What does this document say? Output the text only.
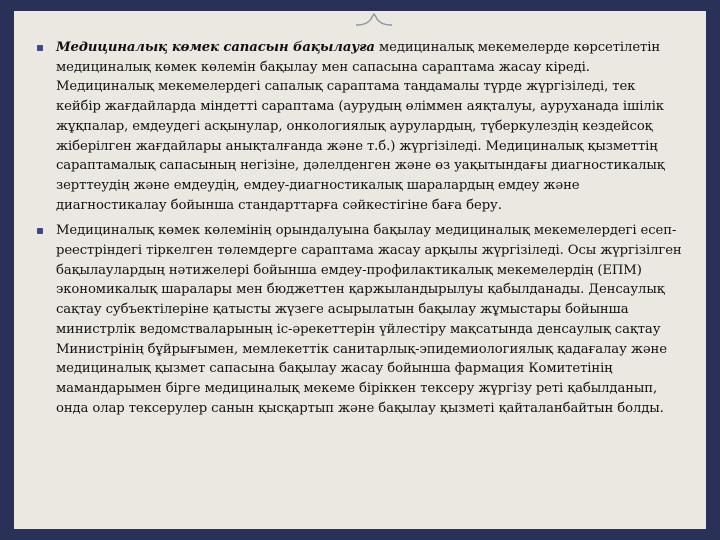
Медициналық көмек сапасын бақылауға медициналық мекемелерде көрсетілетін медициналық көмек көлемін бақылау мен сапасына сараптама жасау кіреді. Медициналық мекемелердегі сапалық сараптама таңдамалы түрде жүргізіледі, тек кейбір жағдайларда міндетті сараптама (аурудың өліммен аяқталуы, ауруханада ішілік жұқпалар, емдеудегі асқынулар, онкологиялық аурулардың, түберкулездің кездейсоқ жіберілген жағдайлары анықталғанда және т.б.) жүргізіледі. Медициналық қызметтің сараптамалық сапасының негізіне, дәлелденген және өз уақытындағы диагностикалық зерттеудің және емдеудің, емдеу-диагностикалық шаралардың емдеу және диагностикалау бойынша стандарттарға сәйкестігіне баға беру.
Медициналық көмек көлемінің орындалуына бақылау медициналық мекемелердегі есеп-реестріндегі тіркелген төлемдерге сараптама жасау арқылы жүргізіледі. Осы жүргізілген бақылаулардың нәтижелері бойынша емдеу-профилактикалық мекемелердің (ЕПМ) экономикалық шаралары мен бюджеттен қаржыландырылуы қабылданады. Денсаулық сақтау субъектілеріне қатысты жүзеге асырылатын бақылау жұмыстары бойынша министрлік ведомстваларының іс-әрекеттерін үйлестіру мақсатында денсаулық сақтау Министрінің бұйрығымен, мемлекеттік санитарлық-эпидемиологиялық қадағалау және медициналық қызмет сапасына бақылау жасау бойынша фармация Комитетінің мамандарымен бірге медициналық мекеме біріккен тексеру жүргізу реті қабылданып, онда олар тексерулер санын қысқартып және бақылау қызметі қайталанбайтын болды.
